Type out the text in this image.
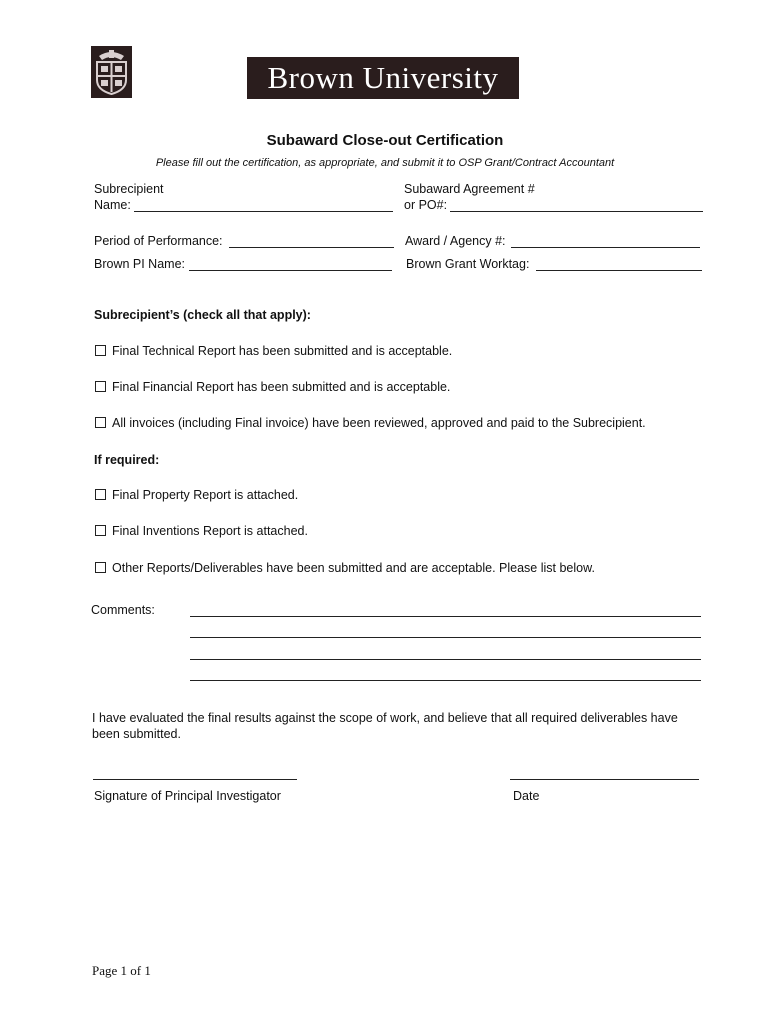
Brown University
Subaward Close-out Certification
Please fill out the certification, as appropriate, and submit it to OSP Grant/Contract Accountant
Subrecipient
Name:
Subaward Agreement #
or PO#:
Period of Performance:	Award / Agency #:
Brown PI Name:	Brown Grant Worktag:
Subrecipient’s (check all that apply):
Final Technical Report has been submitted and is acceptable.
Final Financial Report has been submitted and is acceptable.
All invoices (including Final invoice) have been reviewed, approved and paid to the Subrecipient.
If required:
Final Property Report is attached.
Final Inventions Report is attached.
Other Reports/Deliverables have been submitted and are acceptable. Please list below.
Comments:
I have evaluated the final results against the scope of work, and believe that all required deliverables have been submitted.
Signature of Principal Investigator	Date
Page 1 of 1
